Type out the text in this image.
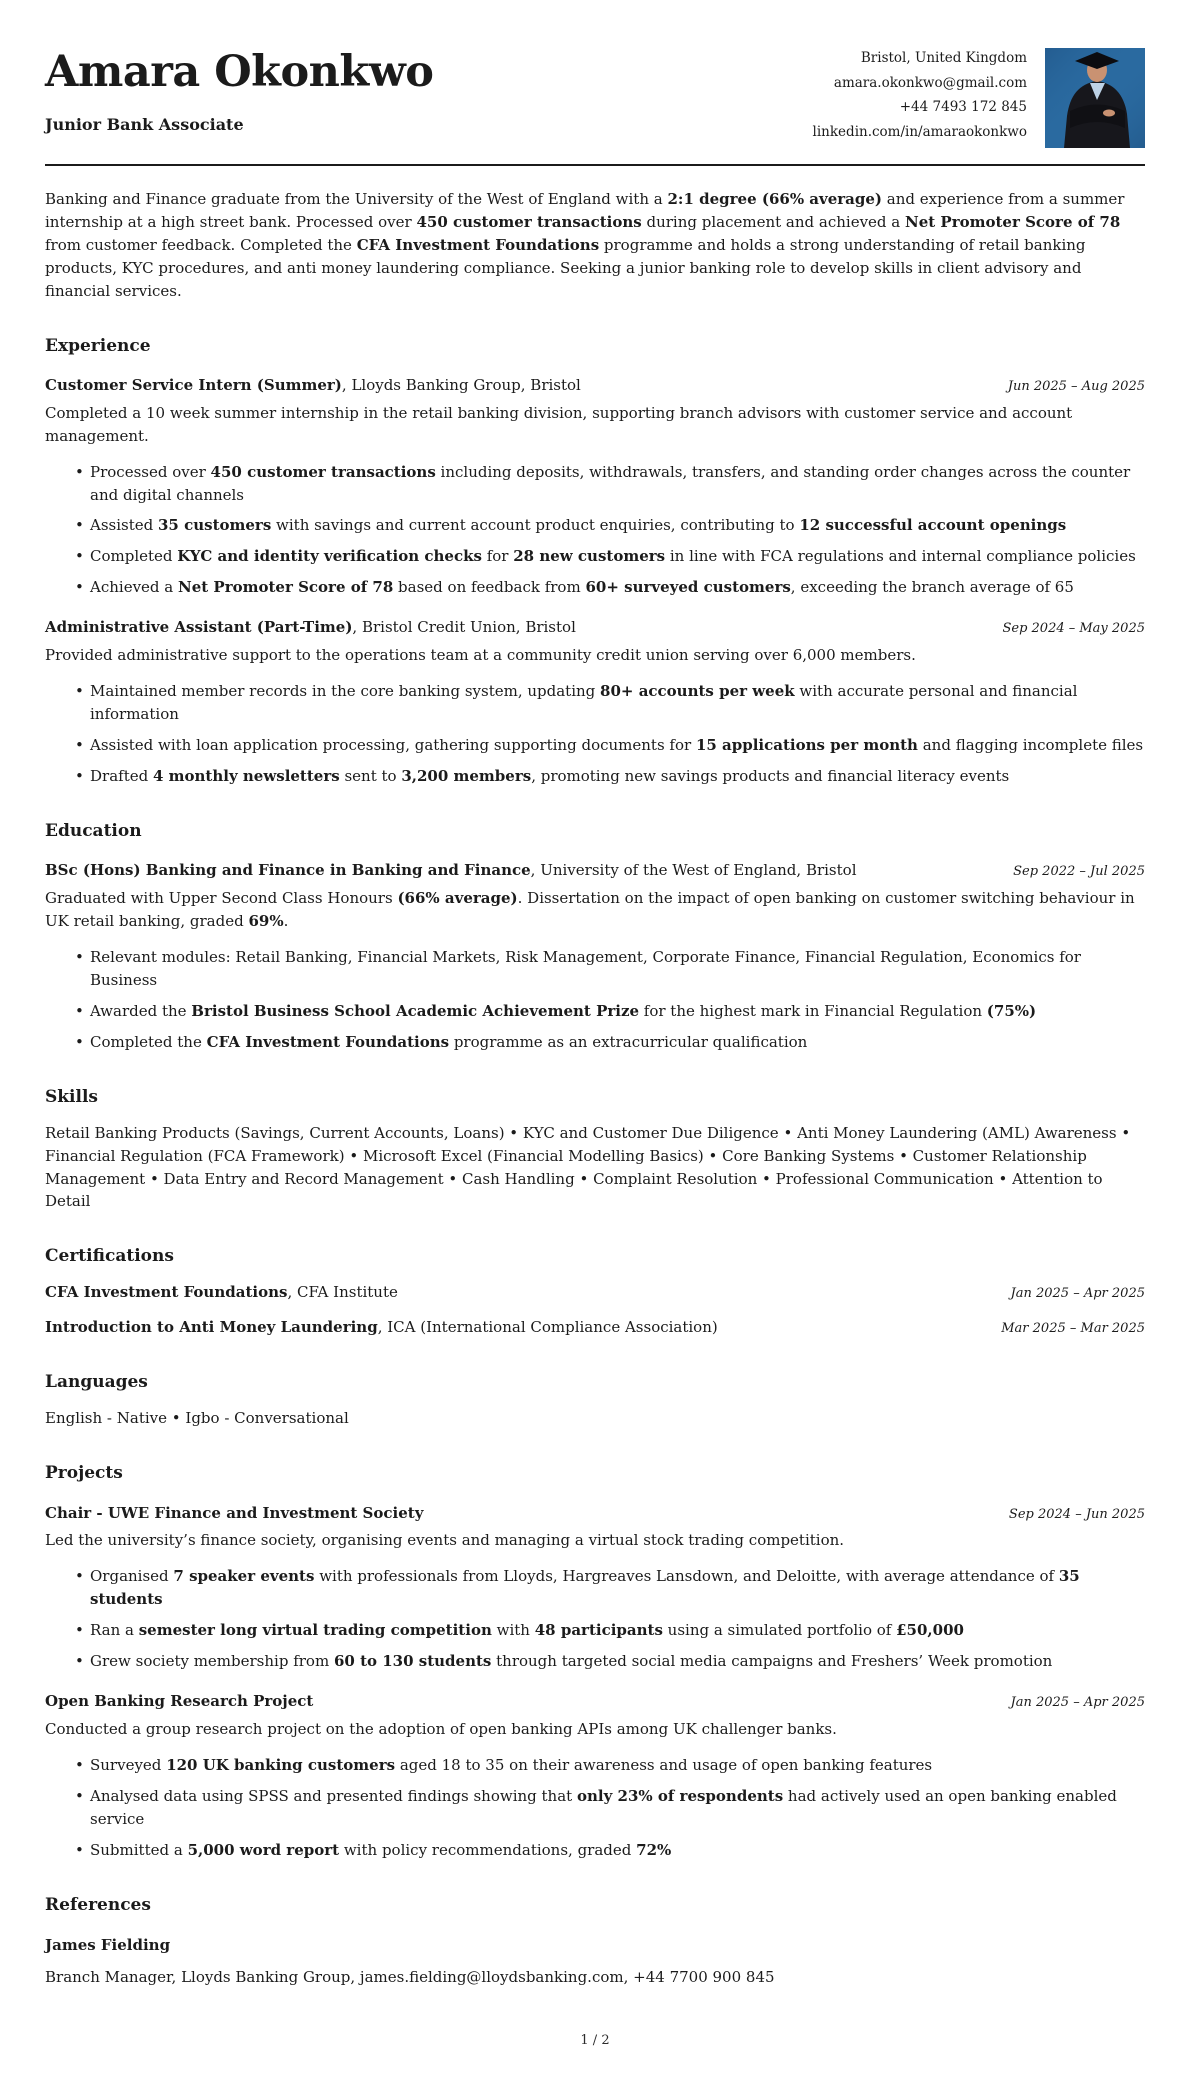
Amara Okonkwo
Junior Bank Associate
Bristol, United Kingdom
amara.okonkwo@gmail.com
+44 7493 172 845
linkedin.com/in/amaraokonkwo

Banking and Finance graduate from the University of the West of England with a 2:1 degree (66% average) and experience from a summer internship at a high street bank. Processed over 450 customer transactions during placement and achieved a Net Promoter Score of 78 from customer feedback. Completed the CFA Investment Foundations programme and holds a strong understanding of retail banking products, KYC procedures, and anti money laundering compliance. Seeking a junior banking role to develop skills in client advisory and financial services.

Experience
Customer Service Intern (Summer), Lloyds Banking Group, Bristol	Jun 2025 – Aug 2025

Completed a 10 week summer internship in the retail banking division, supporting branch advisors with customer service and account management.

• Processed over 450 customer transactions including deposits, withdrawals, transfers, and standing order changes across the counter and digital channels
• Assisted 35 customers with savings and current account product enquiries, contributing to 12 successful account openings
• Completed KYC and identity verification checks for 28 new customers in line with FCA regulations and internal compliance policies
• Achieved a Net Promoter Score of 78 based on feedback from 60+ surveyed customers, exceeding the branch average of 65
Administrative Assistant (Part-Time), Bristol Credit Union, Bristol	Sep 2024 – May 2025

Provided administrative support to the operations team at a community credit union serving over 6,000 members.

• Maintained member records in the core banking system, updating 80+ accounts per week with accurate personal and financial information
• Assisted with loan application processing, gathering supporting documents for 15 applications per month and flagging incomplete files
• Drafted 4 monthly newsletters sent to 3,200 members, promoting new savings products and financial literacy events
Education
BSc (Hons) Banking and Finance in Banking and Finance, University of the West of England, Bristol	Sep 2022 – Jul 2025

Graduated with Upper Second Class Honours (66% average). Dissertation on the impact of open banking on customer switching behaviour in UK retail banking, graded 69%.

• Relevant modules: Retail Banking, Financial Markets, Risk Management, Corporate Finance, Financial Regulation, Economics for Business
• Awarded the Bristol Business School Academic Achievement Prize for the highest mark in Financial Regulation (75%)
• Completed the CFA Investment Foundations programme as an extracurricular qualification
Skills

Retail Banking Products (Savings, Current Accounts, Loans) • KYC and Customer Due Diligence • Anti Money Laundering (AML) Awareness • Financial Regulation (FCA Framework) • Microsoft Excel (Financial Modelling Basics) • Core Banking Systems • Customer Relationship Management • Data Entry and Record Management • Cash Handling • Complaint Resolution • Professional Communication • Attention to Detail

Certifications
CFA Investment Foundations, CFA Institute	Jan 2025 – Apr 2025
Introduction to Anti Money Laundering, ICA (International Compliance Association)	Mar 2025 – Mar 2025
Languages

English - Native • Igbo - Conversational

Projects
Chair - UWE Finance and Investment Society	Sep 2024 – Jun 2025

Led the university’s finance society, organising events and managing a virtual stock trading competition.

• Organised 7 speaker events with professionals from Lloyds, Hargreaves Lansdown, and Deloitte, with average attendance of 35 students
• Ran a semester long virtual trading competition with 48 participants using a simulated portfolio of £50,000
• Grew society membership from 60 to 130 students through targeted social media campaigns and Freshers’ Week promotion
Open Banking Research Project	Jan 2025 – Apr 2025

Conducted a group research project on the adoption of open banking APIs among UK challenger banks.

• Surveyed 120 UK banking customers aged 18 to 35 on their awareness and usage of open banking features
• Analysed data using SPSS and presented findings showing that only 23% of respondents had actively used an open banking enabled service
• Submitted a 5,000 word report with policy recommendations, graded 72%
References

James Fielding

Branch Manager, Lloyds Banking Group, james.fielding@lloydsbanking.com, +44 7700 900 845

1 / 2
